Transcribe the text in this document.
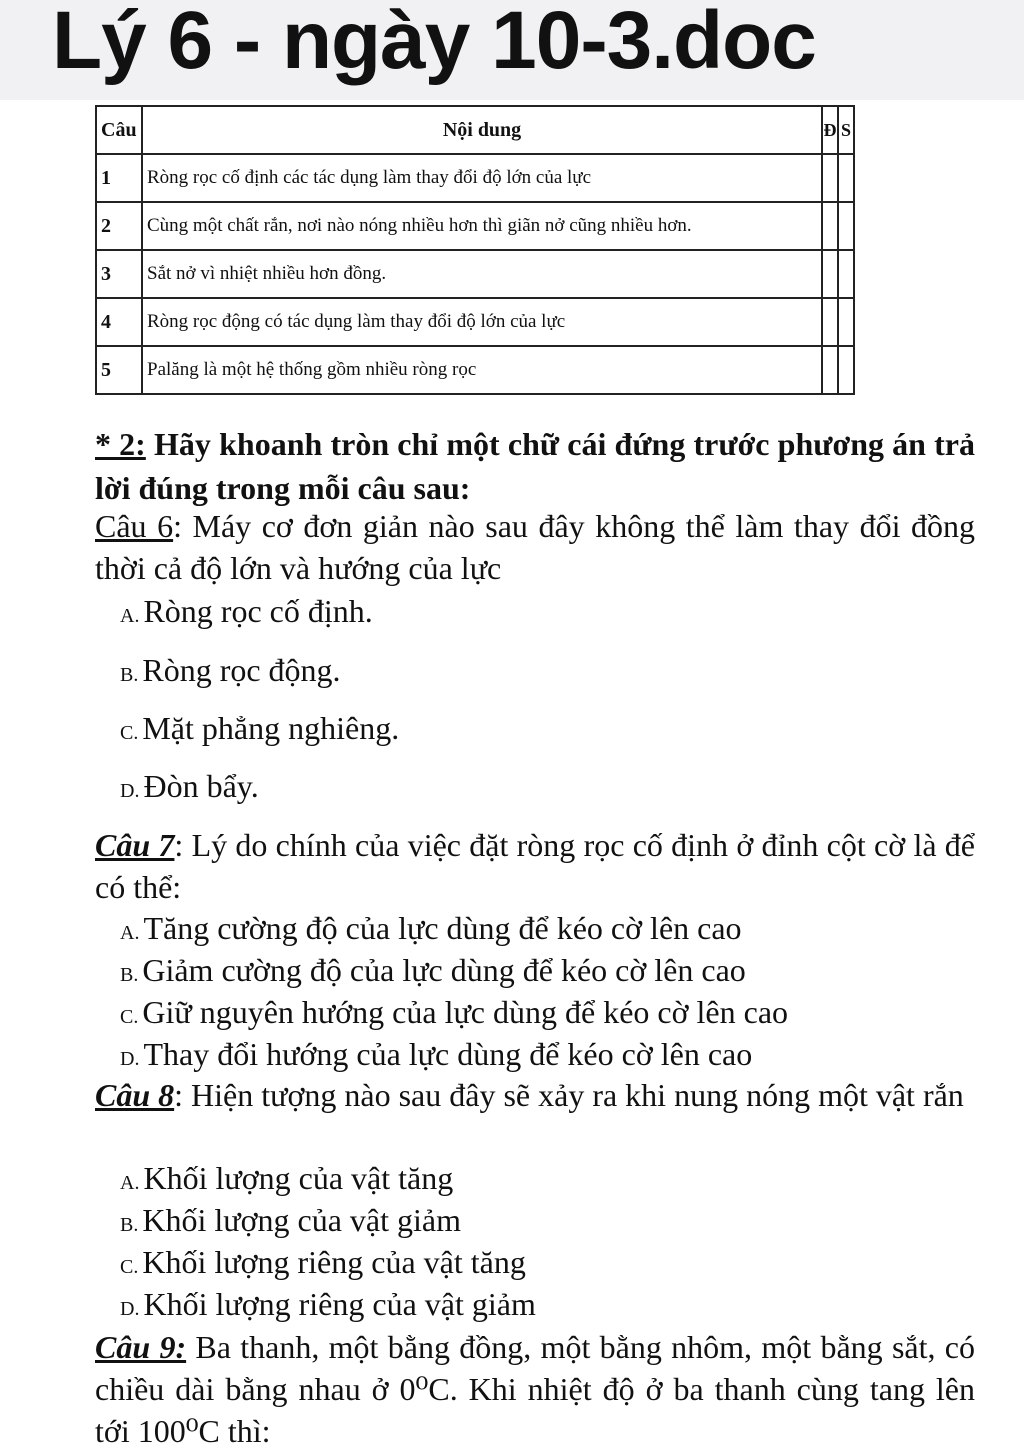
Lý 6 - ngày 10-3.doc
Câu	Nội dung	Đ	S
1	Ròng rọc cố định các tác dụng làm thay đổi độ lớn của lực		
2	Cùng một chất rắn, nơi nào nóng nhiều hơn thì giãn nở cũng nhiều hơn.		
3	Sắt nở vì nhiệt nhiều hơn đồng.		
4	Ròng rọc động có tác dụng làm thay đổi độ lớn của lực		
5	Palăng là một hệ thống gồm nhiều ròng rọc		
* 2: Hãy khoanh tròn chỉ một chữ cái đứng trước phương án trả lời đúng trong mỗi câu sau:
Câu 6: Máy cơ đơn giản nào sau đây không thể làm thay đổi đồng thời cả độ lớn và hướng của lực
A. Ròng rọc cố định.
B. Ròng rọc động.
C. Mặt phẳng nghiêng.
D. Đòn bẩy.
Câu 7: Lý do chính của việc đặt ròng rọc cố định ở đỉnh cột cờ là để có thể:
A. Tăng cường độ của lực dùng để kéo cờ lên cao
B. Giảm cường độ của lực dùng để kéo cờ lên cao
C. Giữ nguyên hướng của lực dùng để kéo cờ lên cao
D. Thay đổi hướng của lực dùng để kéo cờ lên cao
Câu 8: Hiện tượng nào sau đây sẽ xảy ra khi nung nóng một vật rắn
A. Khối lượng của vật tăng
B. Khối lượng của vật giảm
C. Khối lượng riêng của vật tăng
D. Khối lượng riêng của vật giảm
Câu 9: Ba thanh, một bằng đồng, một bằng nhôm, một bằng sắt, có chiều dài bằng nhau ở 0⁰C. Khi nhiệt độ ở ba thanh cùng tang lên tới 100⁰C thì:
